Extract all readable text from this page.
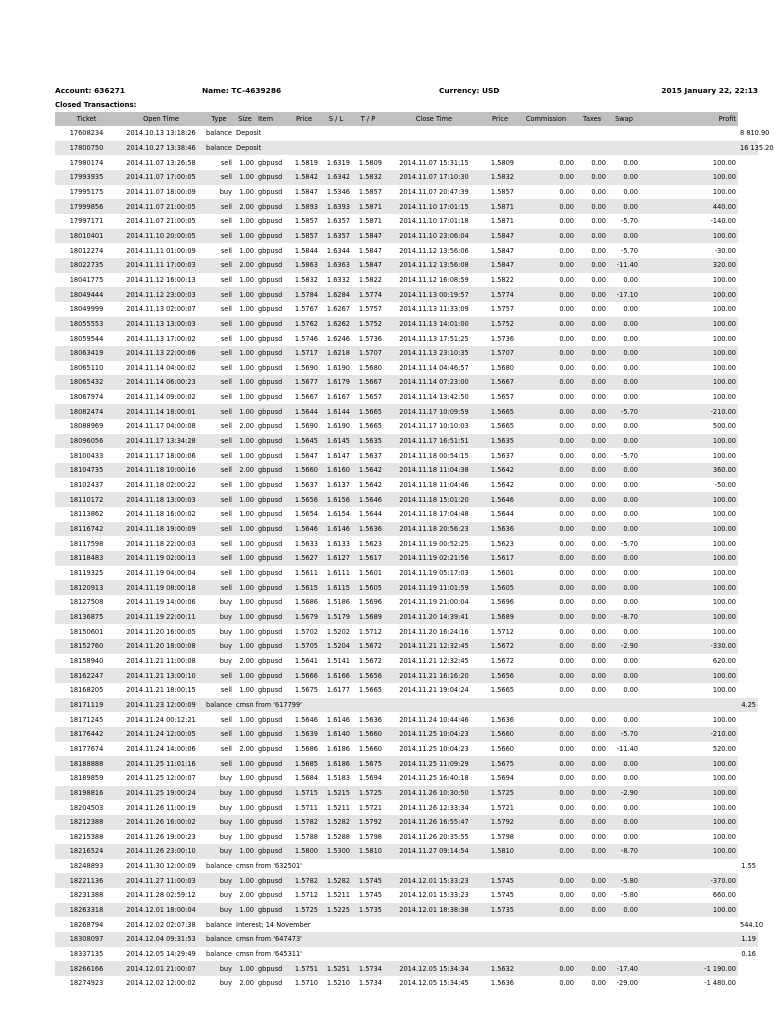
Account: 636271	Name: TC-4639286	Currency: USD	2015 January 22, 22:13
Closed Transactions:
Ticket	Open Time	Type	Size	Item	Price	S / L	T / P	Close Time	Price	Commission	Taxes	Swap	Profit	
17608234	2014.10.13 13:18:26	balance	Deposit											8 810.90
17800750	2014.10.27 13:38:46	balance	Deposit											16 135.20
17980174	2014.11.07 13:26:58	sell	1.00	gbpusd	1.5819	1.6319	1.5809	2014.11.07 15:31:15	1.5809	0.00	0.00	0.00	100.00	
17993935	2014.11.07 17:00:05	sell	1.00	gbpusd	1.5842	1.6342	1.5832	2014.11.07 17:10:30	1.5832	0.00	0.00	0.00	100.00	
17995175	2014.11.07 18:00:09	buy	1.00	gbpusd	1.5847	1.5346	1.5857	2014.11.07 20:47:39	1.5857	0.00	0.00	0.00	100.00	
17999856	2014.11.07 21:00:05	sell	2.00	gbpusd	1.5893	1.6393	1.5871	2014.11.10 17:01:15	1.5871	0.00	0.00	0.00	440.00	
17997171	2014.11.07 21:00:05	sell	1.00	gbpusd	1.5857	1.6357	1.5871	2014.11.10 17:01:18	1.5871	0.00	0.00	-5.70	-140.00	
18010401	2014.11.10 20:00:05	sell	1.00	gbpusd	1.5857	1.6357	1.5847	2014.11.10 23:06:04	1.5847	0.00	0.00	0.00	100.00	
18012274	2014.11.11 01:00:09	sell	1.00	gbpusd	1.5844	1.6344	1.5847	2014.11.12 13:56:06	1.5847	0.00	0.00	-5.70	-30.00	
18022735	2014.11.11 17:00:03	sell	2.00	gbpusd	1.5863	1.6363	1.5847	2014.11.12 13:56:08	1.5847	0.00	0.00	-11.40	320.00	
18041775	2014.11.12 16:00:13	sell	1.00	gbpusd	1.5832	1.6332	1.5822	2014.11.12 16:08:59	1.5822	0.00	0.00	0.00	100.00	
18049444	2014.11.12 23:00:03	sell	1.00	gbpusd	1.5784	1.6284	1.5774	2014.11.13 00:19:57	1.5774	0.00	0.00	-17.10	100.00	
18049999	2014.11.13 02:00:07	sell	1.00	gbpusd	1.5767	1.6267	1.5757	2014.11.13 11:33:09	1.5757	0.00	0.00	0.00	100.00	
18055553	2014.11.13 13:00:03	sell	1.00	gbpusd	1.5762	1.6262	1.5752	2014.11.13 14:01:00	1.5752	0.00	0.00	0.00	100.00	
18059544	2014.11.13 17:00:02	sell	1.00	gbpusd	1.5746	1.6246	1.5736	2014.11.13 17:51:25	1.5736	0.00	0.00	0.00	100.00	
18063419	2014.11.13 22:00:06	sell	1.00	gbpusd	1.5717	1.6218	1.5707	2014.11.13 23:10:35	1.5707	0.00	0.00	0.00	100.00	
18065110	2014.11.14 04:00:02	sell	1.00	gbpusd	1.5690	1.6190	1.5680	2014.11.14 04:46:57	1.5680	0.00	0.00	0.00	100.00	
18065432	2014.11.14 06:00:23	sell	1.00	gbpusd	1.5677	1.6179	1.5667	2014.11.14 07:23:00	1.5667	0.00	0.00	0.00	100.00	
18067974	2014.11.14 09:00:02	sell	1.00	gbpusd	1.5667	1.6167	1.5657	2014.11.14 13:42:50	1.5657	0.00	0.00	0.00	100.00	
18082474	2014.11.14 18:00:01	sell	1.00	gbpusd	1.5644	1.6144	1.5665	2014.11.17 10:09:59	1.5665	0.00	0.00	-5.70	-210.00	
18088969	2014.11.17 04:00:08	sell	2.00	gbpusd	1.5690	1.6190	1.5665	2014.11.17 10:10:03	1.5665	0.00	0.00	0.00	500.00	
18096056	2014.11.17 13:34:28	sell	1.00	gbpusd	1.5645	1.6145	1.5635	2014.11.17 16:51:51	1.5635	0.00	0.00	0.00	100.00	
18100433	2014.11.17 18:00:06	sell	1.00	gbpusd	1.5647	1.6147	1.5637	2014.11.18 00:54:15	1.5637	0.00	0.00	-5.70	100.00	
18104735	2014.11.18 10:00:16	sell	2.00	gbpusd	1.5660	1.6160	1.5642	2014.11.18 11:04:38	1.5642	0.00	0.00	0.00	360.00	
18102437	2014.11.18 02:00:22	sell	1.00	gbpusd	1.5637	1.6137	1.5642	2014.11.18 11:04:46	1.5642	0.00	0.00	0.00	-50.00	
18110172	2014.11.18 13:00:03	sell	1.00	gbpusd	1.5656	1.6156	1.5646	2014.11.18 15:01:20	1.5646	0.00	0.00	0.00	100.00	
18113862	2014.11.18 16:00:02	sell	1.00	gbpusd	1.5654	1.6154	1.5644	2014.11.18 17:04:48	1.5644	0.00	0.00	0.00	100.00	
18116742	2014.11.18 19:00:09	sell	1.00	gbpusd	1.5646	1.6146	1.5636	2014.11.18 20:56:23	1.5636	0.00	0.00	0.00	100.00	
18117598	2014.11.18 22:00:03	sell	1.00	gbpusd	1.5633	1.6133	1.5623	2014.11.19 00:52:25	1.5623	0.00	0.00	-5.70	100.00	
18118483	2014.11.19 02:00:13	sell	1.00	gbpusd	1.5627	1.6127	1.5617	2014.11.19 02:21:56	1.5617	0.00	0.00	0.00	100.00	
18119325	2014.11.19 04:00:04	sell	1.00	gbpusd	1.5611	1.6111	1.5601	2014.11.19 05:17:03	1.5601	0.00	0.00	0.00	100.00	
18120913	2014.11.19 08:00:18	sell	1.00	gbpusd	1.5615	1.6115	1.5605	2014.11.19 11:01:59	1.5605	0.00	0.00	0.00	100.00	
18127508	2014.11.19 14:00:06	buy	1.00	gbpusd	1.5686	1.5186	1.5696	2014.11.19 21:00:04	1.5696	0.00	0.00	0.00	100.00	
18136875	2014.11.19 22:00:11	buy	1.00	gbpusd	1.5679	1.5179	1.5689	2014.11.20 14:39:41	1.5689	0.00	0.00	-8.70	100.00	
18150601	2014.11.20 16:00:05	buy	1.00	gbpusd	1.5702	1.5202	1.5712	2014.11.20 16:24:16	1.5712	0.00	0.00	0.00	100.00	
18152760	2014.11.20 18:00:08	buy	1.00	gbpusd	1.5705	1.5204	1.5672	2014.11.21 12:32:45	1.5672	0.00	0.00	-2.90	-330.00	
18158940	2014.11.21 11:00:08	buy	2.00	gbpusd	1.5641	1.5141	1.5672	2014.11.21 12:32:45	1.5672	0.00	0.00	0.00	620.00	
18162247	2014.11.21 13:00:10	sell	1.00	gbpusd	1.5666	1.6166	1.5656	2014.11.21 16:16:20	1.5656	0.00	0.00	0.00	100.00	
18168205	2014.11.21 18:00:15	sell	1.00	gbpusd	1.5675	1.6177	1.5665	2014.11.21 19:04:24	1.5665	0.00	0.00	0.00	100.00	
18171119	2014.11.23 12:00:09	balance	cmsn from '617799'											4.25
18171245	2014.11.24 00:12:21	sell	1.00	gbpusd	1.5646	1.6146	1.5636	2014.11.24 10:44:46	1.5636	0.00	0.00	0.00	100.00	
18176442	2014.11.24 12:00:05	sell	1.00	gbpusd	1.5639	1.6140	1.5660	2014.11.25 10:04:23	1.5660	0.00	0.00	-5.70	-210.00	
18177674	2014.11.24 14:00:06	sell	2.00	gbpusd	1.5686	1.6186	1.5660	2014.11.25 10:04:23	1.5660	0.00	0.00	-11.40	520.00	
18188888	2014.11.25 11:01:16	sell	1.00	gbpusd	1.5685	1.6186	1.5675	2014.11.25 11:09:29	1.5675	0.00	0.00	0.00	100.00	
18189859	2014.11.25 12:00:07	buy	1.00	gbpusd	1.5684	1.5183	1.5694	2014.11.25 16:40:18	1.5694	0.00	0.00	0.00	100.00	
18198816	2014.11.25 19:00:24	buy	1.00	gbpusd	1.5715	1.5215	1.5725	2014.11.26 10:30:50	1.5725	0.00	0.00	-2.90	100.00	
18204503	2014.11.26 11:00:19	buy	1.00	gbpusd	1.5711	1.5211	1.5721	2014.11.26 12:33:34	1.5721	0.00	0.00	0.00	100.00	
18212388	2014.11.26 16:00:02	buy	1.00	gbpusd	1.5782	1.5282	1.5792	2014.11.26 16:55:47	1.5792	0.00	0.00	0.00	100.00	
18215388	2014.11.26 19:00:23	buy	1.00	gbpusd	1.5788	1.5288	1.5798	2014.11.26 20:35:55	1.5798	0.00	0.00	0.00	100.00	
18216524	2014.11.26 23:00:10	buy	1.00	gbpusd	1.5800	1.5300	1.5810	2014.11.27 09:14:54	1.5810	0.00	0.00	-8.70	100.00	
18248893	2014.11.30 12:00:09	balance	cmsn from '632501'											1.55
18221136	2014.11.27 11:00:03	buy	1.00	gbpusd	1.5782	1.5282	1.5745	2014.12.01 15:33:23	1.5745	0.00	0.00	-5.80	-370.00	
18231388	2014.11.28 02:59:12	buy	2.00	gbpusd	1.5712	1.5211	1.5745	2014.12.01 15:33:23	1.5745	0.00	0.00	-5.80	660.00	
18263318	2014.12.01 18:00:04	buy	1.00	gbpusd	1.5725	1.5225	1.5735	2014.12.01 18:38:38	1.5735	0.00	0.00	0.00	100.00	
18268794	2014.12.02 02:07:38	balance	Interest; 14 November											544.10
18308097	2014.12.04 09:31:53	balance	cmsn from '647473'											1.19
18337135	2014.12.05 14:29:49	balance	cmsn from '645311'											0.16
18266166	2014.12.01 21:00:07	buy	1.00	gbpusd	1.5751	1.5251	1.5734	2014.12.05 15:34:34	1.5632	0.00	0.00	-17.40	-1 190.00	
18274923	2014.12.02 12:00:02	buy	2.00	gbpusd	1.5710	1.5210	1.5734	2014.12.05 15:34:45	1.5636	0.00	0.00	-29.00	-1 480.00	
